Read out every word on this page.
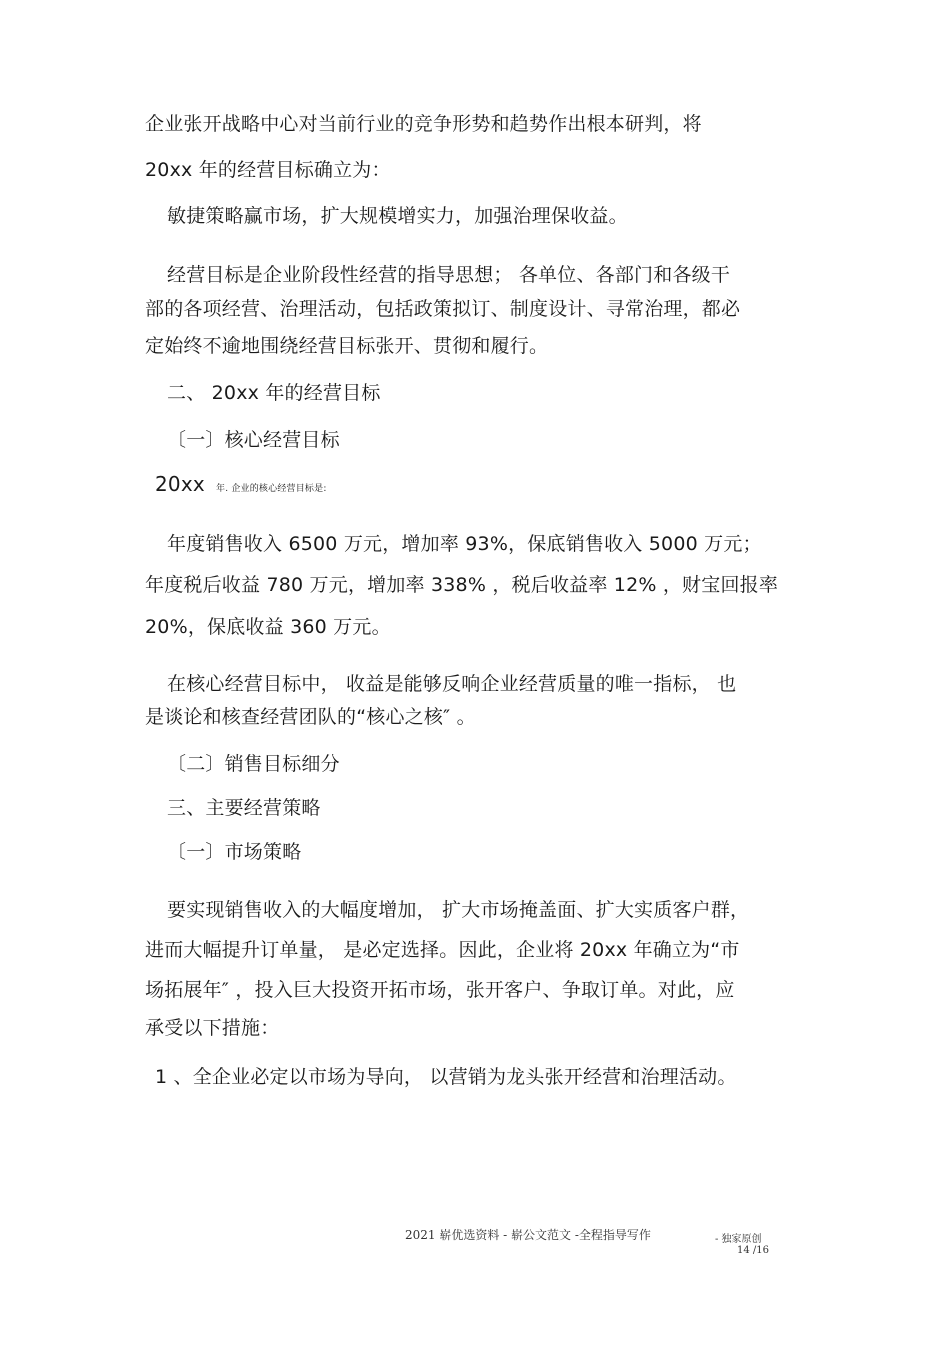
企业张开战略中心对当前行业的竞争形势和趋势作出根本研判，将
20xx 年的经营目标确立为：
敏捷策略赢市场，扩大规模增实力，加强治理保收益。
经营目标是企业阶段性经营的指导思想； 各单位、各部门和各级干
部的各项经营、治理活动，包括政策拟订、制度设计、寻常治理，都必
定始终不逾地围绕经营目标张开、贯彻和履行。
二、 20xx 年的经营目标
〔一〕核心经营目标
20xx 年. 企业的核心经营目标是:
年度销售收入 6500 万元，增加率 93%，保底销售收入 5000 万元；
年度税后收益 780 万元，增加率 338% ，税后收益率 12% ，财宝回报率
20%，保底收益 360 万元。
在核心经营目标中， 收益是能够反响企业经营质量的唯一指标， 也
是谈论和核查经营团队的“核心之核″ 。
〔二〕销售目标细分
三、主要经营策略
〔一〕市场策略
要实现销售收入的大幅度增加， 扩大市场掩盖面、扩大实质客户群，
进而大幅提升订单量， 是必定选择。因此，企业将 20xx 年确立为“市
场拓展年″ ，投入巨大投资开拓市场，张开客户、争取订单。对此，应
承受以下措施：
1 、全企业必定以市场为导向， 以营销为龙头张开经营和治理活动。
2021 崭优选资料 - 崭公文范文 -全程指导写作	- 独家原创
14 /16
